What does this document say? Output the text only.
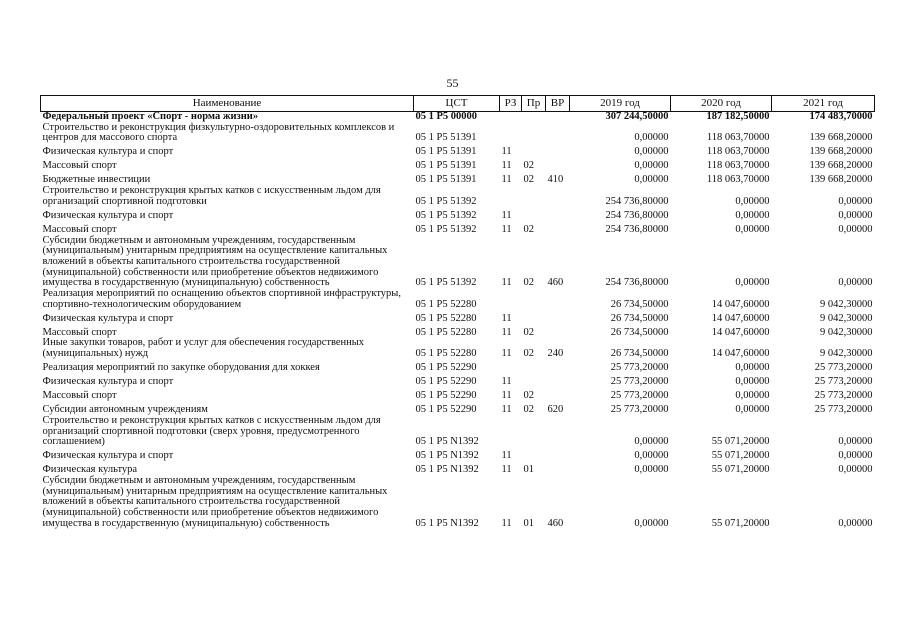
55
Наименование	ЦСТ	РЗ	Пр	ВР	2019 год	2020 год	2021 год
Федеральный проект «Спорт - норма жизни»	05 1 P5 00000				307 244,50000	187 182,50000	174 483,70000
Строительство и реконструкция физкультурно-оздоровительных комплексов и центров для массового спорта	05 1 P5 51391				0,00000	118 063,70000	139 668,20000
Физическая культура и спорт	05 1 P5 51391	11			0,00000	118 063,70000	139 668,20000
Массовый спорт	05 1 P5 51391	11	02		0,00000	118 063,70000	139 668,20000
Бюджетные инвестиции	05 1 P5 51391	11	02	410	0,00000	118 063,70000	139 668,20000
Строительство и реконструкция крытых катков с искусственным льдом для организаций спортивной подготовки	05 1 P5 51392				254 736,80000	0,00000	0,00000
Физическая культура и спорт	05 1 P5 51392	11			254 736,80000	0,00000	0,00000
Массовый спорт	05 1 P5 51392	11	02		254 736,80000	0,00000	0,00000
Субсидии бюджетным и автономным учреждениям, государственным (муниципальным) унитарным предприятиям на осуществление капитальных вложений в объекты капитального строительства государственной (муниципальной) собственности или приобретение объектов недвижимого имущества в государственную (муниципальную) собственность	05 1 P5 51392	11	02	460	254 736,80000	0,00000	0,00000
Реализация мероприятий по оснащению объектов спортивной инфраструктуры, спортивно-технологическим оборудованием	05 1 P5 52280				26 734,50000	14 047,60000	9 042,30000
Физическая культура и спорт	05 1 P5 52280	11			26 734,50000	14 047,60000	9 042,30000
Массовый спорт	05 1 P5 52280	11	02		26 734,50000	14 047,60000	9 042,30000
Иные закупки товаров, работ и услуг для обеспечения государственных (муниципальных) нужд	05 1 P5 52280	11	02	240	26 734,50000	14 047,60000	9 042,30000
Реализация мероприятий по закупке оборудования для хоккея	05 1 P5 52290				25 773,20000	0,00000	25 773,20000
Физическая культура и спорт	05 1 P5 52290	11			25 773,20000	0,00000	25 773,20000
Массовый спорт	05 1 P5 52290	11	02		25 773,20000	0,00000	25 773,20000
Субсидии автономным учреждениям	05 1 P5 52290	11	02	620	25 773,20000	0,00000	25 773,20000
Строительство и реконструкция крытых катков с искусственным льдом для организаций спортивной подготовки (сверх уровня, предусмотренного соглашением)	05 1 P5 N1392				0,00000	55 071,20000	0,00000
Физическая культура и спорт	05 1 P5 N1392	11			0,00000	55 071,20000	0,00000
Физическая культура	05 1 P5 N1392	11	01		0,00000	55 071,20000	0,00000
Субсидии бюджетным и автономным учреждениям, государственным (муниципальным) унитарным предприятиям на осуществление капитальных вложений в объекты капитального строительства государственной (муниципальной) собственности или приобретение объектов недвижимого имущества в государственную (муниципальную) собственность	05 1 P5 N1392	11	01	460	0,00000	55 071,20000	0,00000
